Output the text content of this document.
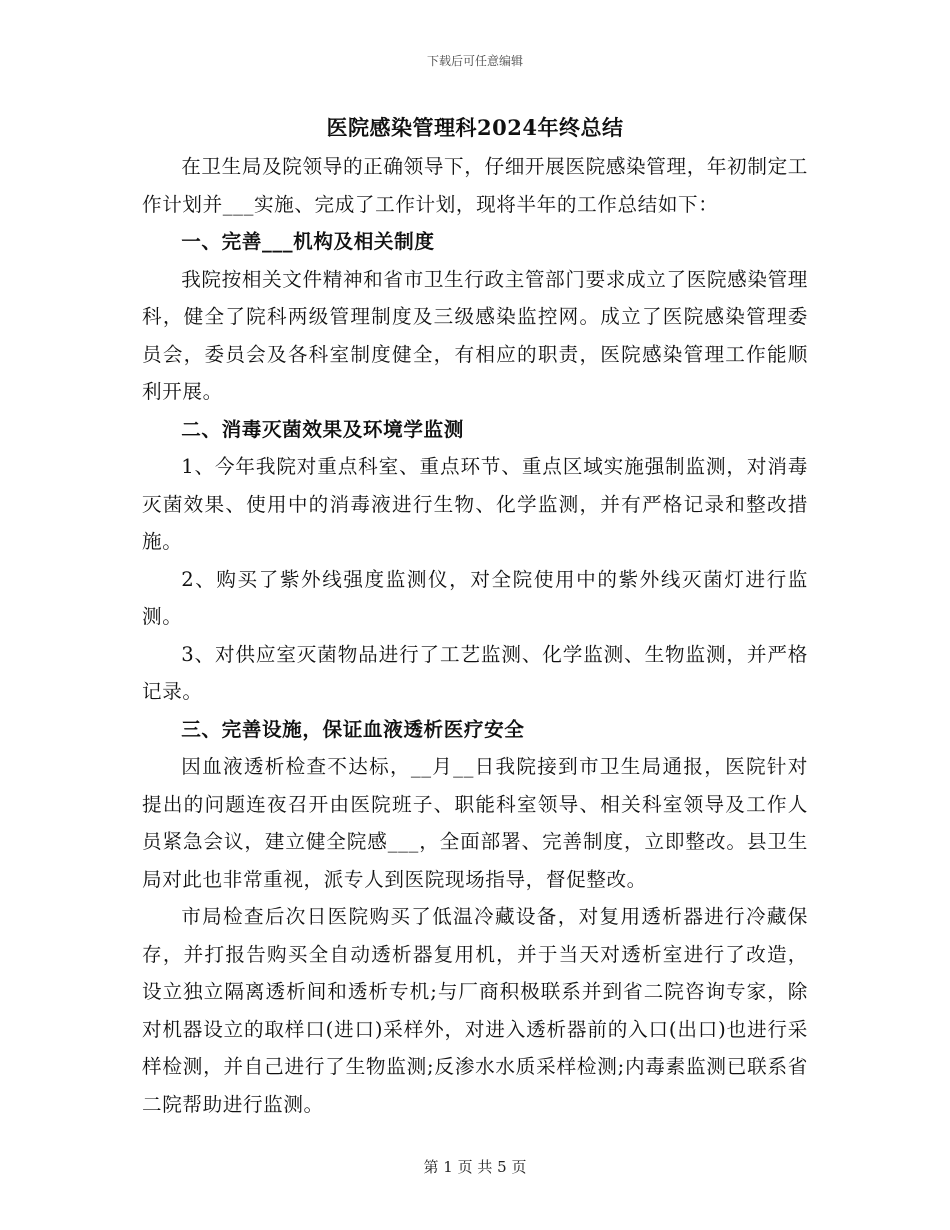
下载后可任意编辑
医院感染管理科2024年终总结

在卫生局及院领导的正确领导下，仔细开展医院感染管理，年初制定工作计划并___实施、完成了工作计划，现将半年的工作总结如下：

一、完善___机构及相关制度

我院按相关文件精神和省市卫生行政主管部门要求成立了医院感染管理科，健全了院科两级管理制度及三级感染监控网。成立了医院感染管理委员会，委员会及各科室制度健全，有相应的职责，医院感染管理工作能顺利开展。

二、消毒灭菌效果及环境学监测

1、今年我院对重点科室、重点环节、重点区域实施强制监测，对消毒灭菌效果、使用中的消毒液进行生物、化学监测，并有严格记录和整改措施。

2、购买了紫外线强度监测仪，对全院使用中的紫外线灭菌灯进行监测。

3、对供应室灭菌物品进行了工艺监测、化学监测、生物监测，并严格记录。

三、完善设施，保证血液透析医疗安全

因血液透析检查不达标，__月__日我院接到市卫生局通报，医院针对提出的问题连夜召开由医院班子、职能科室领导、相关科室领导及工作人员紧急会议，建立健全院感___，全面部署、完善制度，立即整改。县卫生局对此也非常重视，派专人到医院现场指导，督促整改。

市局检查后次日医院购买了低温冷藏设备，对复用透析器进行冷藏保存，并打报告购买全自动透析器复用机，并于当天对透析室进行了改造，设立独立隔离透析间和透析专机;与厂商积极联系并到省二院咨询专家，除对机器设立的取样口(进口)采样外，对进入透析器前的入口(出口)也进行采样检测，并自己进行了生物监测;反渗水水质采样检测;内毒素监测已联系省二院帮助进行监测。

第 1 页 共 5 页
